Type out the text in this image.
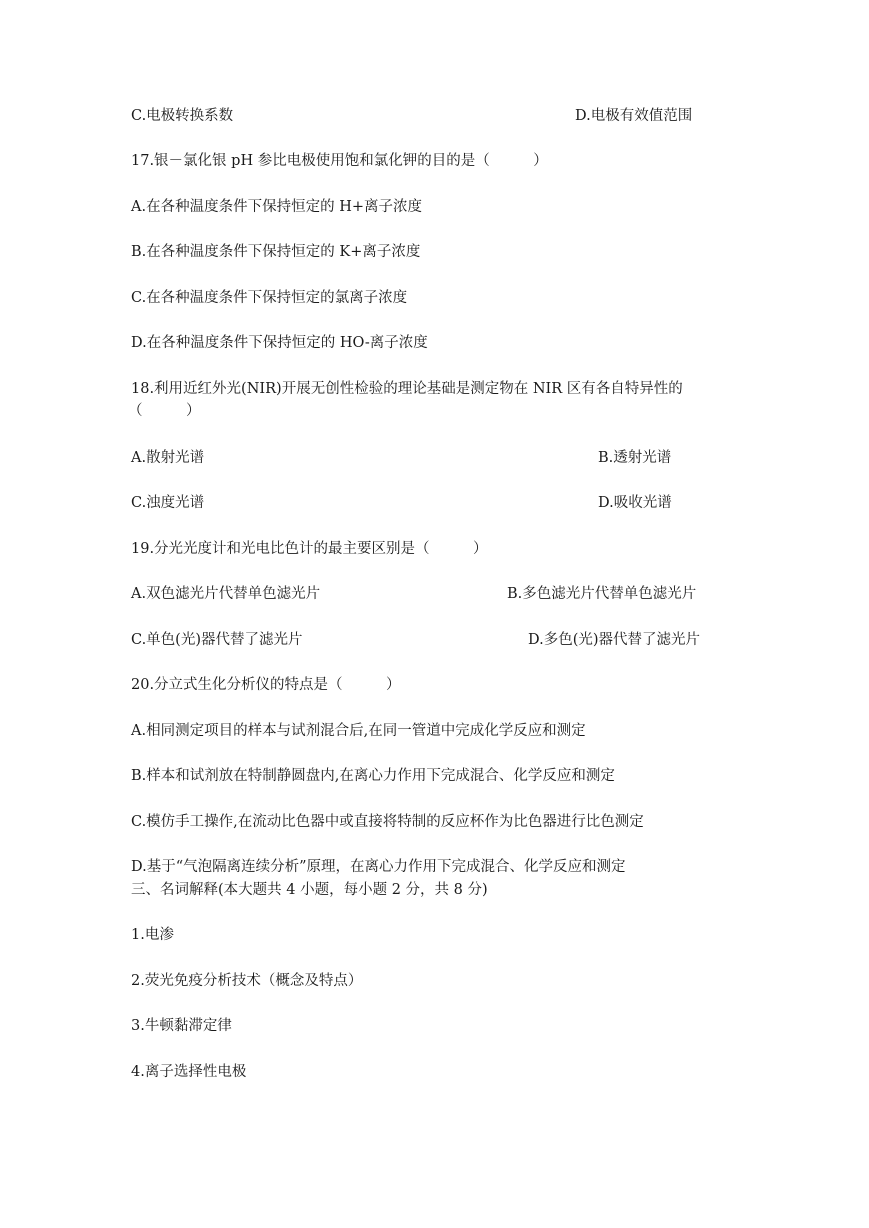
C.电极转换系数	D.电极有效值范围
17.银－氯化银 pH 参比电极使用饱和氯化钾的目的是（　　　）
A.在各种温度条件下保持恒定的 H+离子浓度
B.在各种温度条件下保持恒定的 K+离子浓度
C.在各种温度条件下保持恒定的氯离子浓度
D.在各种温度条件下保持恒定的 HO-离子浓度
18.利用近红外光(NIR)开展无创性检验的理论基础是测定物在 NIR 区有各自特异性的
（　　　）
A.散射光谱	B.透射光谱
C.浊度光谱	D.吸收光谱
19.分光光度计和光电比色计的最主要区别是（　　　）
A.双色滤光片代替单色滤光片	B.多色滤光片代替单色滤光片
C.单色(光)器代替了滤光片	D.多色(光)器代替了滤光片
20.分立式生化分析仪的特点是（　　　）
A.相同测定项目的样本与试剂混合后,在同一管道中完成化学反应和测定
B.样本和试剂放在特制静圆盘内,在离心力作用下完成混合、化学反应和测定
C.模仿手工操作,在流动比色器中或直接将特制的反应杯作为比色器进行比色测定
D.基于“气泡隔离连续分析”原理，在离心力作用下完成混合、化学反应和测定
三、名词解释(本大题共 4 小题，每小题 2 分，共 8 分)
1.电渗
2.荧光免疫分析技术（概念及特点）
3.牛顿黏滞定律
4.离子选择性电极
